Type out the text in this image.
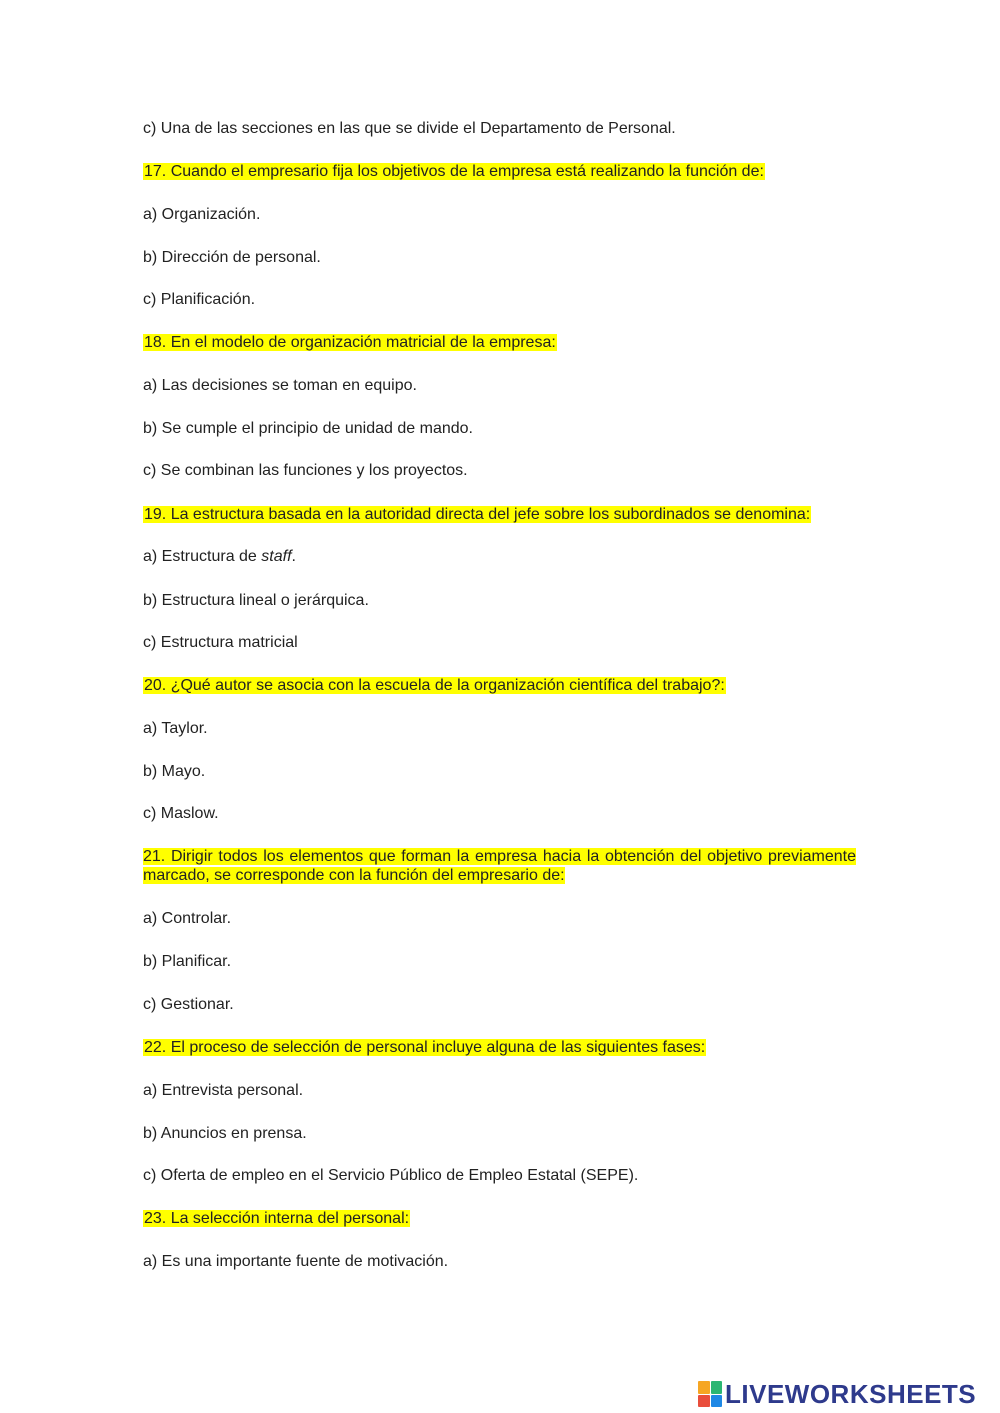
c) Una de las secciones en las que se divide el Departamento de Personal.

17. Cuando el empresario fija los objetivos de la empresa está realizando la función de:

a) Organización.

b) Dirección de personal.

c) Planificación.

18. En el modelo de organización matricial de la empresa:

a) Las decisiones se toman en equipo.

b) Se cumple el principio de unidad de mando.

c) Se combinan las funciones y los proyectos.

19. La estructura basada en la autoridad directa del jefe sobre los subordinados se denomina:

a) Estructura de staff.

b) Estructura lineal o jerárquica.

c) Estructura matricial

20. ¿Qué autor se asocia con la escuela de la organización científica del trabajo?:

a) Taylor.

b) Mayo.

c) Maslow.

21. Dirigir todos los elementos que forman la empresa hacia la obtención del objetivo previamente marcado, se corresponde con la función del empresario de:

a) Controlar.

b) Planificar.

c) Gestionar.

22. El proceso de selección de personal incluye alguna de las siguientes fases:

a) Entrevista personal.

b) Anuncios en prensa.

c) Oferta de empleo en el Servicio Público de Empleo Estatal (SEPE).

23. La selección interna del personal:

a) Es una importante fuente de motivación.

LIVEWORKSHEETS
